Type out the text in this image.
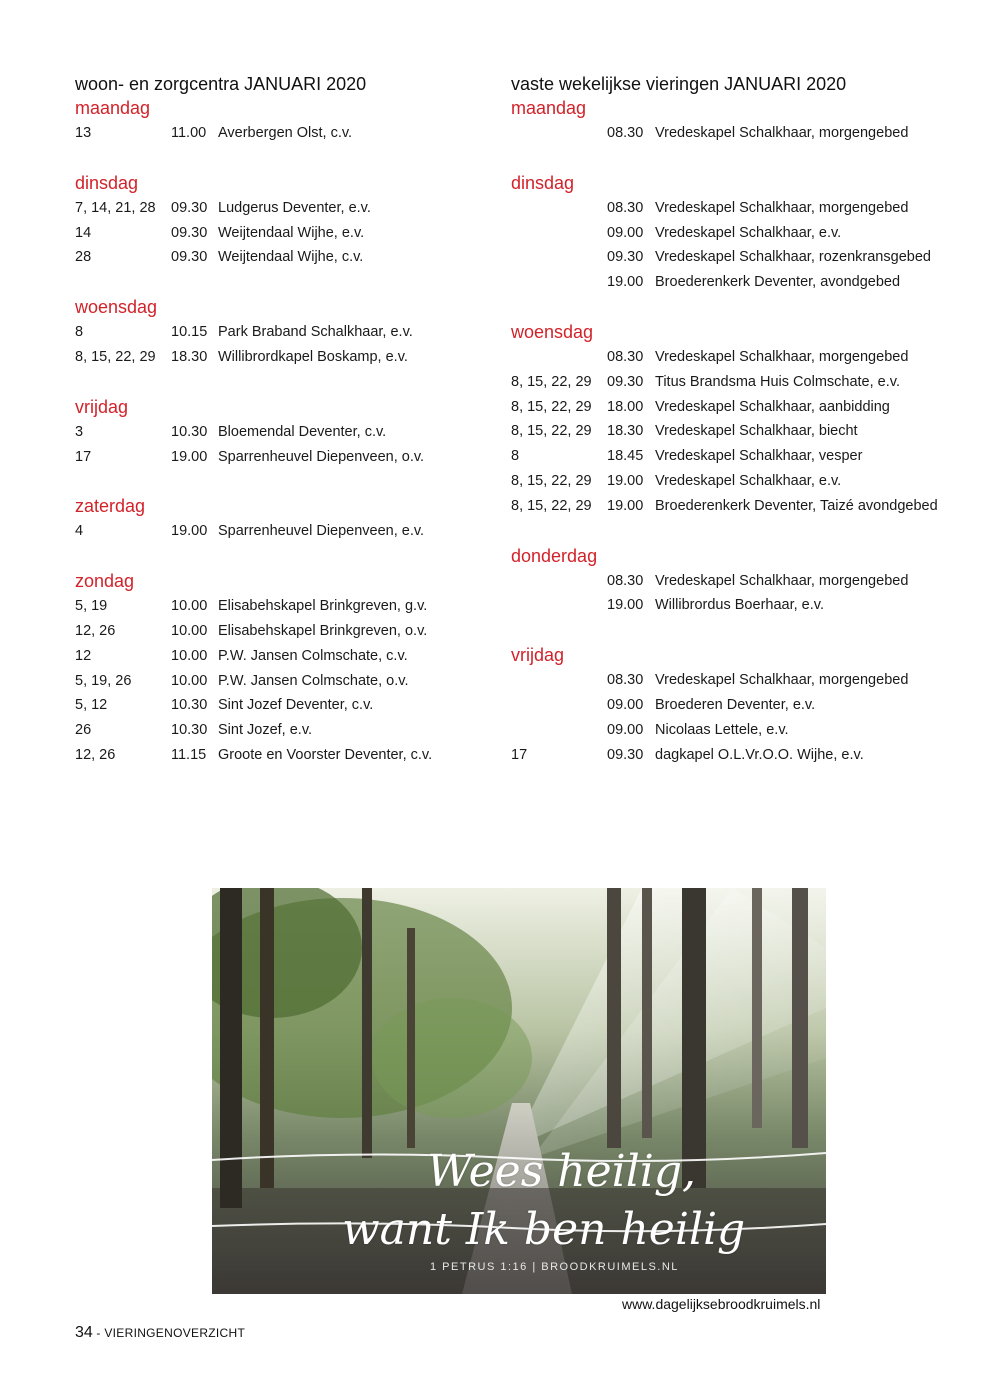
woon- en zorgcentra JANUARI 2020
maandag
13	11.00 Averbergen Olst, c.v.
dinsdag
7, 14, 21, 28 09.30 Ludgerus Deventer, e.v.
14	09.30 Weijtendaal Wijhe, e.v.
28	09.30 Weijtendaal Wijhe, c.v.
woensdag
8	10.15 Park Braband Schalkhaar, e.v.
8, 15, 22, 29 18.30 Willibrordkapel Boskamp, e.v.
vrijdag
3	10.30 Bloemendal Deventer, c.v.
17	19.00 Sparrenheuvel Diepenveen, o.v.
zaterdag
4	19.00 Sparrenheuvel Diepenveen, e.v.
zondag
5, 19	10.00 Elisabehskapel Brinkgreven, g.v.
12, 26	10.00 Elisabehskapel Brinkgreven, o.v.
12	10.00 P.W. Jansen Colmschate, c.v.
5, 19, 26	10.00 P.W. Jansen Colmschate, o.v.
5, 12	10.30 Sint Jozef Deventer, c.v.
26	10.30 Sint Jozef, e.v.
12, 26	11.15 Groote en Voorster Deventer, c.v.
vaste wekelijkse vieringen JANUARI 2020
maandag
08.30 Vredeskapel Schalkhaar, morgengebed
dinsdag
08.30 Vredeskapel Schalkhaar, morgengebed
09.00 Vredeskapel Schalkhaar, e.v.
09.30 Vredeskapel Schalkhaar, rozenkransgebed
19.00 Broederenkerk Deventer, avondgebed
woensdag
08.30 Vredeskapel Schalkhaar, morgengebed
8, 15, 22, 29 09.30 Titus Brandsma Huis Colmschate, e.v.
8, 15, 22, 29 18.00 Vredeskapel Schalkhaar, aanbidding
8, 15, 22, 29 18.30 Vredeskapel Schalkhaar, biecht
8	18.45 Vredeskapel Schalkhaar, vesper
8, 15, 22, 29 19.00 Vredeskapel Schalkhaar, e.v.
8, 15, 22, 29 19.00 Broederenkerk Deventer, Taizé avondgebed
donderdag
08.30 Vredeskapel Schalkhaar, morgengebed
19.00 Willibrordus Boerhaar, e.v.
vrijdag
08.30 Vredeskapel Schalkhaar, morgengebed
09.00 Broederen Deventer, e.v.
09.00 Nicolaas Lettele, e.v.
17	09.30 dagkapel O.L.Vr.O.O. Wijhe, e.v.
Wees heilig,
want Ik ben heilig
1 PETRUS 1:16 | BROODKRUIMELS.NL
www.dagelijksebroodkruimels.nl
34 - VIERINGENOVERZICHT
